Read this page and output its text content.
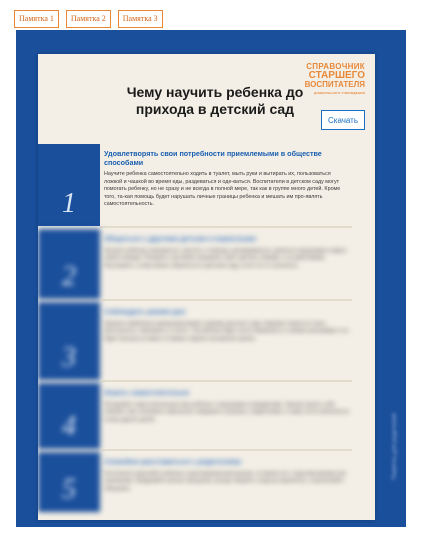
Памятка 1	Памятка 2	Памятка 3
СПРАВОЧНИК
СТАРШЕГО
ВОСПИТАТЕЛЯ
ДОШКОЛЬНОГО УЧРЕЖДЕНИЯ
Чему научить ребенка до прихода в детский сад
Скачать
1
Удовлетворять свои потребности приемлемыми в обществе способами
Научите ребенка самостоятельно ходить в туалет, мыть руки и вытирать их, пользоваться ложкой и чашкой во время еды, раздеваться и оде-ваться. Воспитатели в детском саду могут помогать ребенку, но не сразу и не всегда в полной мере, так как в группе много детей. Кроме того, та-кая помощь будет нарушать личные границы ребенка и мешать им про-являть самостоятельность.
2
Общаться с другими детьми и взрослыми
Научите ребенка знакомиться, просить о помощи, договариваться, делиться игрушками и ждать своей очереди. Покажите, как можно выражать свои чувства словами, а не действиями. Расскажите, к кому можно обратиться в детском саду, если что-то случилось.
3
Соблюдать режим дня
Заранее приблизьте домашний режим к режиму детского сада: вовремя ложиться спать, просыпаться, завтракать и гулять. Так ребенку будет легче привыкнуть к новому распорядку и он будет меньше уставать в первые недели посещения группы.
4
Играть самостоятельно
Поощряйте самостоятельную игру ребенка с игрушками и предметами. Умение занять себя поможет ему спокойнее переносить ожидание и разлуку с родителями, а также легче включаться в игры других детей.
5
Спокойно расставаться с родителями
Постепенно приучайте ребенка к кратковременной разлуке, оставляя его с родственниками или знакомыми. Придумайте ритуал прощания, всегда говорите, когда вы вернетесь, и выполняйте обещание.
Памятка для родителей
